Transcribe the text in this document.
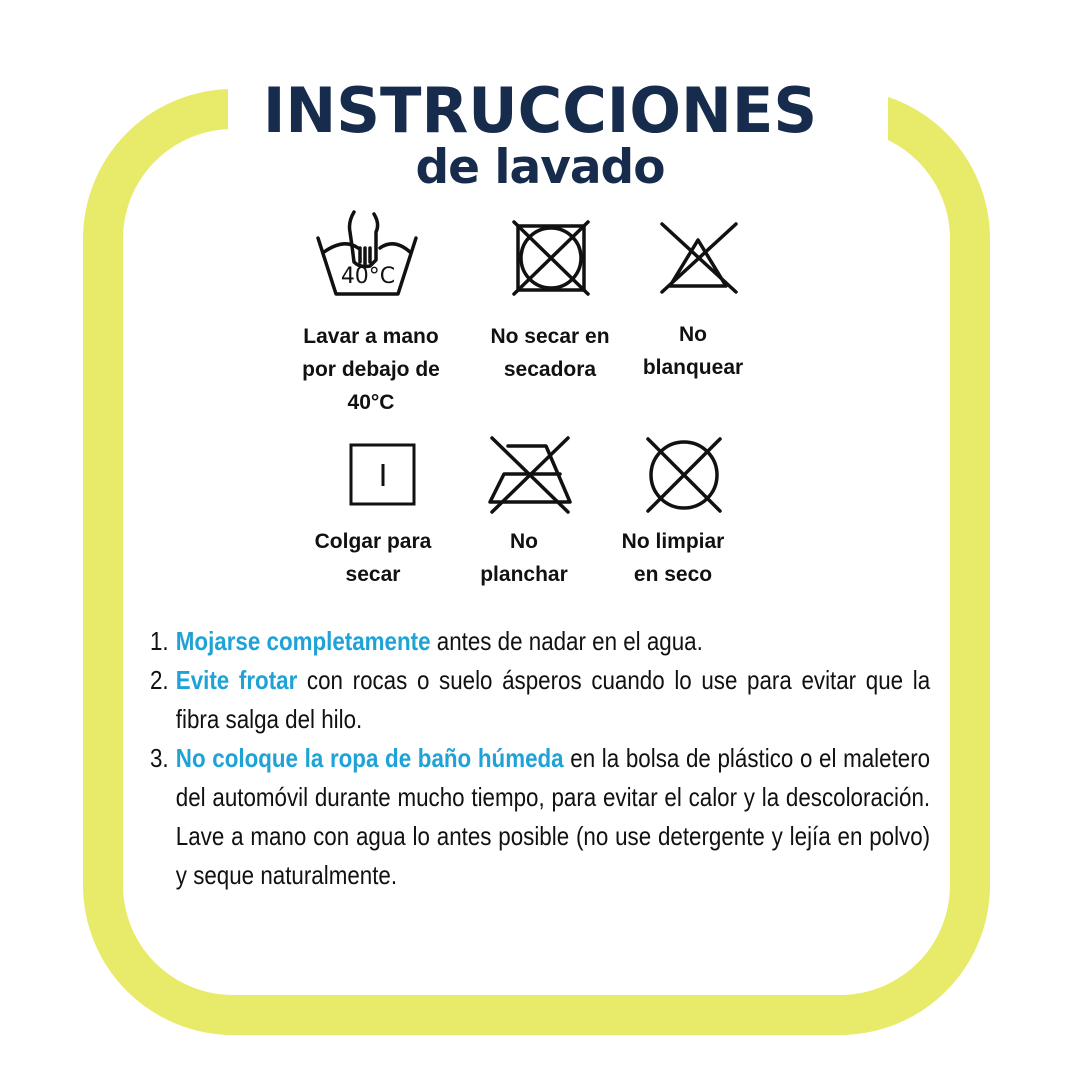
INSTRUCCIONES
de lavado
40°C
Lavar a mano
por debajo de
40°C
No secar en
secadora
No
blanquear
Colgar para
secar
No
planchar
No limpiar
en seco
1. Mojarse completamente antes de nadar en el agua.
2. Evite frotar con rocas o suelo ásperos cuando lo use para evitar que la fibra salga del hilo.
3. No coloque la ropa de baño húmeda en la bolsa de plástico o el maletero del automóvil durante mucho tiempo, para evitar el calor y la descoloración. Lave a mano con agua lo antes posible (no use detergente y lejía en polvo) y seque naturalmente.
